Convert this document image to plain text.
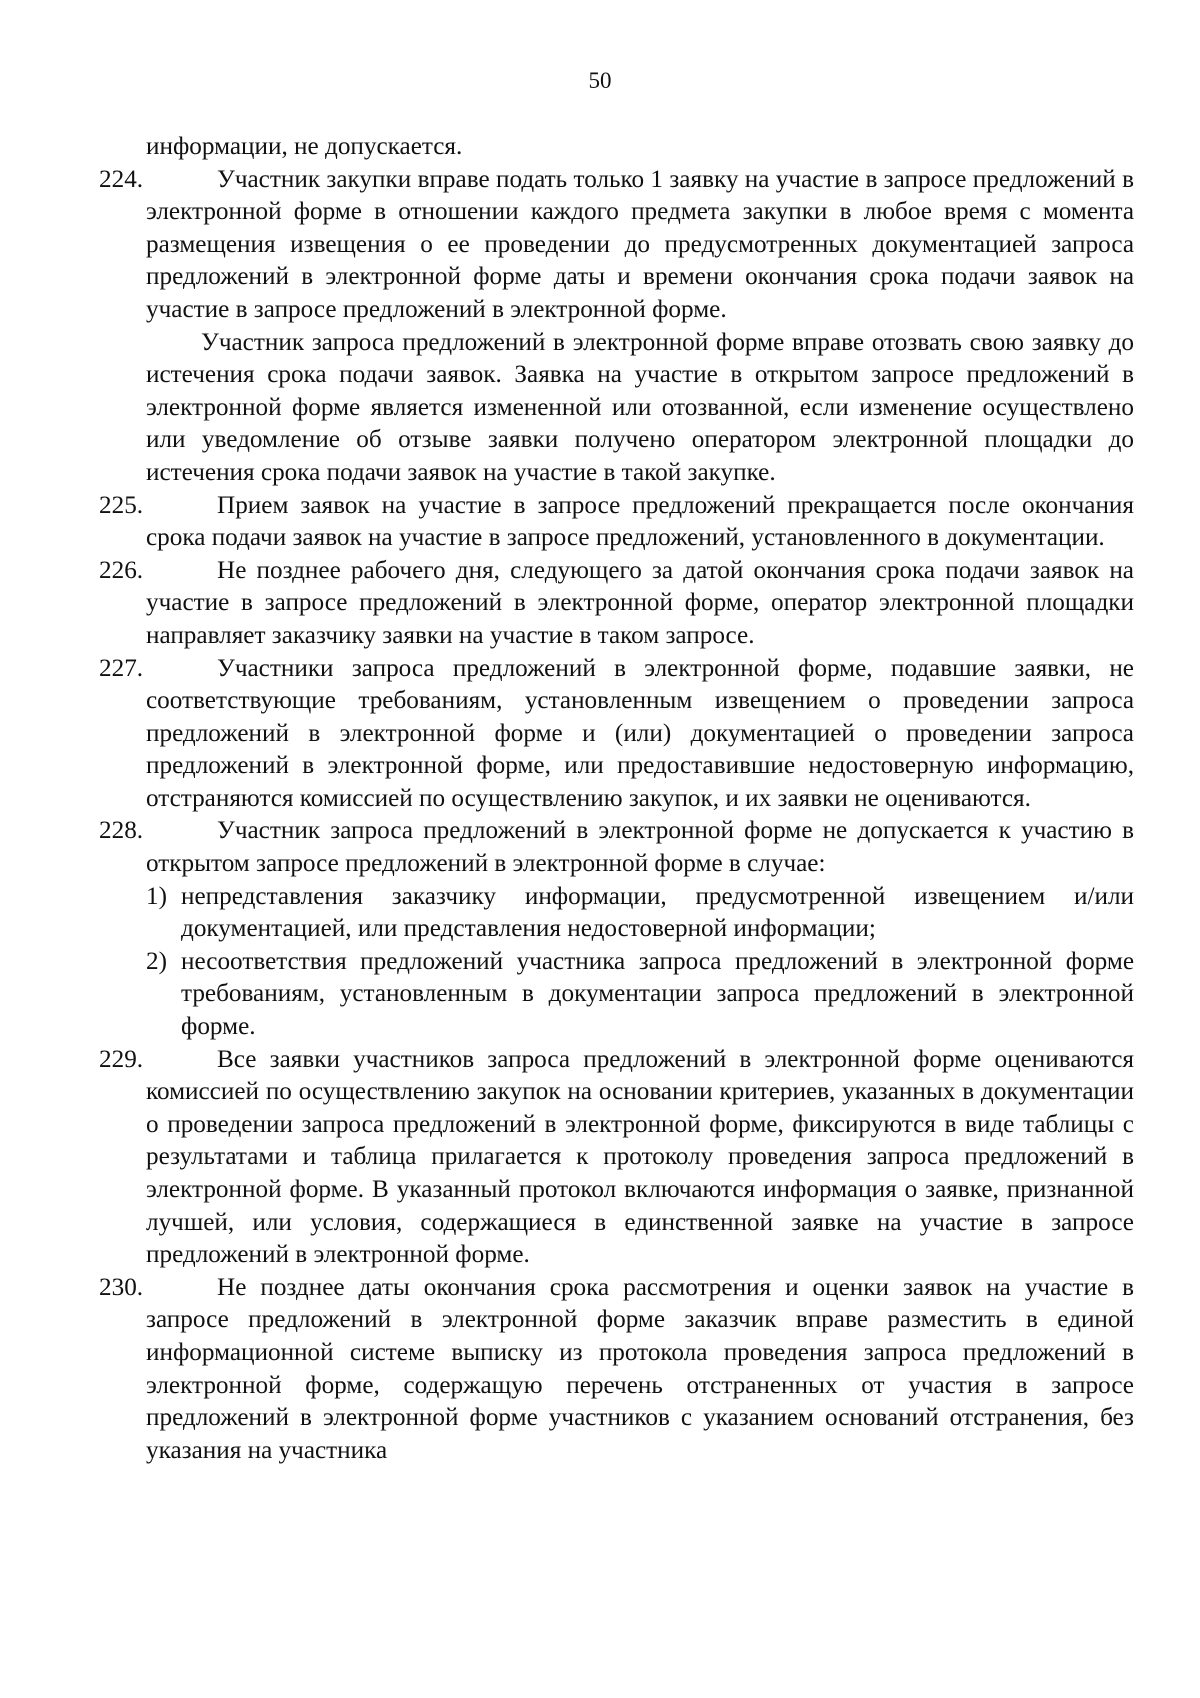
50

информации, не допускается.

224.	Участник закупки вправе подать только 1 заявку на участие в запросе предложений в электронной форме в отношении каждого предмета закупки в любое время с момента размещения извещения о ее проведении до предусмотренных документацией запроса предложений в электронной форме даты и времени окончания срока подачи заявок на участие в запросе предложений в электронной форме.

Участник запроса предложений в электронной форме вправе отозвать свою заявку до истечения срока подачи заявок. Заявка на участие в открытом запросе предложений в электронной форме является измененной или отозванной, если изменение осуществлено или уведомление об отзыве заявки получено оператором электронной площадки до истечения срока подачи заявок на участие в такой закупке.

225.	Прием заявок на участие в запросе предложений прекращается после окончания срока подачи заявок на участие в запросе предложений, установленного в документации.

226.	Не позднее рабочего дня, следующего за датой окончания срока подачи заявок на участие в запросе предложений в электронной форме, оператор электронной площадки направляет заказчику заявки на участие в таком запросе.

227.	Участники запроса предложений в электронной форме, подавшие заявки, не соответствующие требованиям, установленным извещением о проведении запроса предложений в электронной форме и (или) документацией о проведении запроса предложений в электронной форме, или предоставившие недостоверную информацию, отстраняются комиссией по осуществлению закупок, и их заявки не оцениваются.

228.	Участник запроса предложений в электронной форме не допускается к участию в открытом запросе предложений в электронной форме в случае:

1) непредставления заказчику информации, предусмотренной извещением и/или документацией, или представления недостоверной информации;

2) несоответствия предложений участника запроса предложений в электронной форме требованиям, установленным в документации запроса предложений в электронной форме.

229.	Все заявки участников запроса предложений в электронной форме оцениваются комиссией по осуществлению закупок на основании критериев, указанных в документации о проведении запроса предложений в электронной форме, фиксируются в виде таблицы с результатами и таблица прилагается к протоколу проведения запроса предложений в электронной форме. В указанный протокол включаются информация о заявке, признанной лучшей, или условия, содержащиеся в единственной заявке на участие в запросе предложений в электронной форме.

230.	Не позднее даты окончания срока рассмотрения и оценки заявок на участие в запросе предложений в электронной форме заказчик вправе разместить в единой информационной системе выписку из протокола проведения запроса предложений в электронной форме, содержащую перечень отстраненных от участия в запросе предложений в электронной форме участников с указанием оснований отстранения, без указания на участника
